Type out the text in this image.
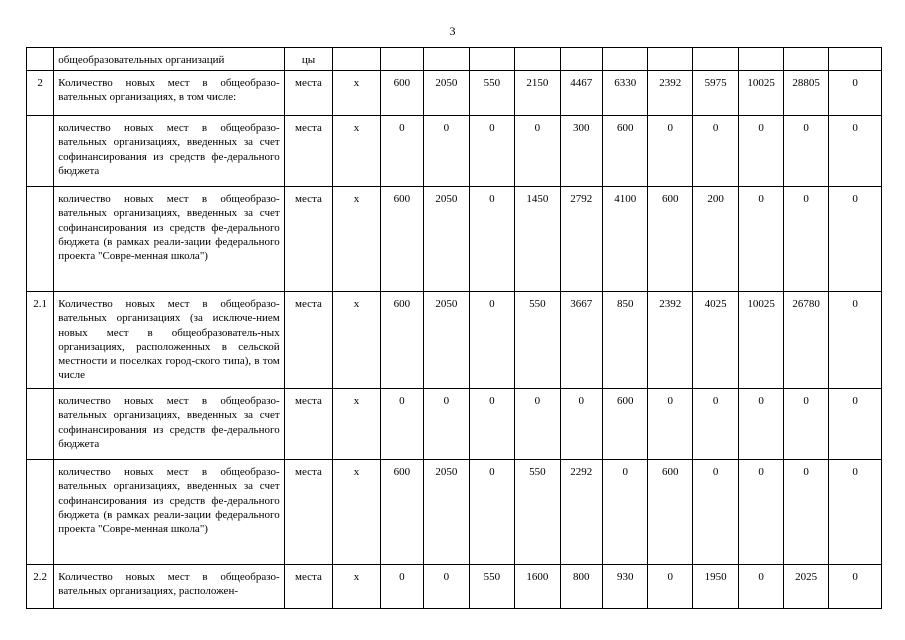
3
	общеобразовательных организаций	цы												
2	Количество новых мест в общеобразо-вательных организациях, в том числе:	места	x	600	2050	550	2150	4467	6330	2392	5975	10025	28805	0
	количество новых мест в общеобразо-вательных организациях, введенных за счет софинансирования из средств фе-дерального бюджета	места	x	0	0	0	0	300	600	0	0	0	0	0
	количество новых мест в общеобразо-вательных организациях, введенных за счет софинансирования из средств фе-дерального бюджета (в рамках реали-зации федерального проекта "Совре-менная школа")	места	x	600	2050	0	1450	2792	4100	600	200	0	0	0
2.1	Количество новых мест в общеобразо-вательных организациях (за исключе-нием новых мест в общеобразователь-ных организациях, расположенных в сельской местности и поселках город-ского типа), в том числе	места	x	600	2050	0	550	3667	850	2392	4025	10025	26780	0
	количество новых мест в общеобразо-вательных организациях, введенных за счет софинансирования из средств фе-дерального бюджета	места	x	0	0	0	0	0	600	0	0	0	0	0
	количество новых мест в общеобразо-вательных организациях, введенных за счет софинансирования из средств фе-дерального бюджета (в рамках реали-зации федерального проекта "Совре-менная школа")	места	x	600	2050	0	550	2292	0	600	0	0	0	0
2.2	Количество новых мест в общеобразо-вательных организациях, расположен-	места	x	0	0	550	1600	800	930	0	1950	0	2025	0
